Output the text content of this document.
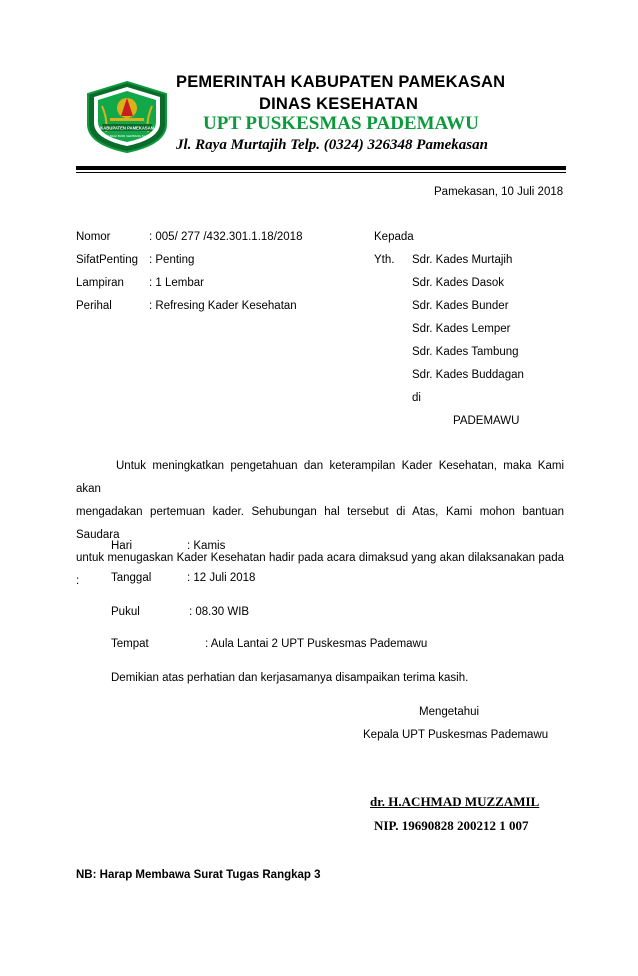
KABUPATEN PAMEKASAN
ABDI BAGI BUMI GERBANG SALAM
PEMERINTAH KABUPATEN PAMEKASAN
DINAS KESEHATAN
UPT PUSKESMAS PADEMAWU
Jl. Raya Murtajih Telp. (0324) 326348 Pamekasan
Pamekasan, 10 Juli 2018
Nomor	: 005/ 277 /432.301.1.18/2018
SifatPenting : Penting
Lampiran : 1 Lembar
Perihal	: Refresing Kader Kesehatan
Kepada
Yth. Sdr. Kades Murtajih
Sdr. Kades Dasok
Sdr. Kades Bunder
Sdr. Kades Lemper
Sdr. Kades Tambung
Sdr. Kades Buddagan
di
PADEMAWU
Untuk meningkatkan pengetahuan dan keterampilan Kader Kesehatan, maka Kami akan
mengadakan pertemuan kader. Sehubungan hal tersebut di Atas, Kami mohon bantuan Saudara
untuk menugaskan Kader Kesehatan hadir pada acara dimaksud yang akan dilaksanakan pada :
Hari	: Kamis
Tanggal	: 12 Juli 2018
Pukul	: 08.30 WIB
Tempat	: Aula Lantai 2 UPT Puskesmas Pademawu
Demikian atas perhatian dan kerjasamanya disampaikan terima kasih.
Mengetahui
Kepala UPT Puskesmas Pademawu
dr. H.ACHMAD MUZZAMIL
NIP. 19690828 200212 1 007
NB: Harap Membawa Surat Tugas Rangkap 3
